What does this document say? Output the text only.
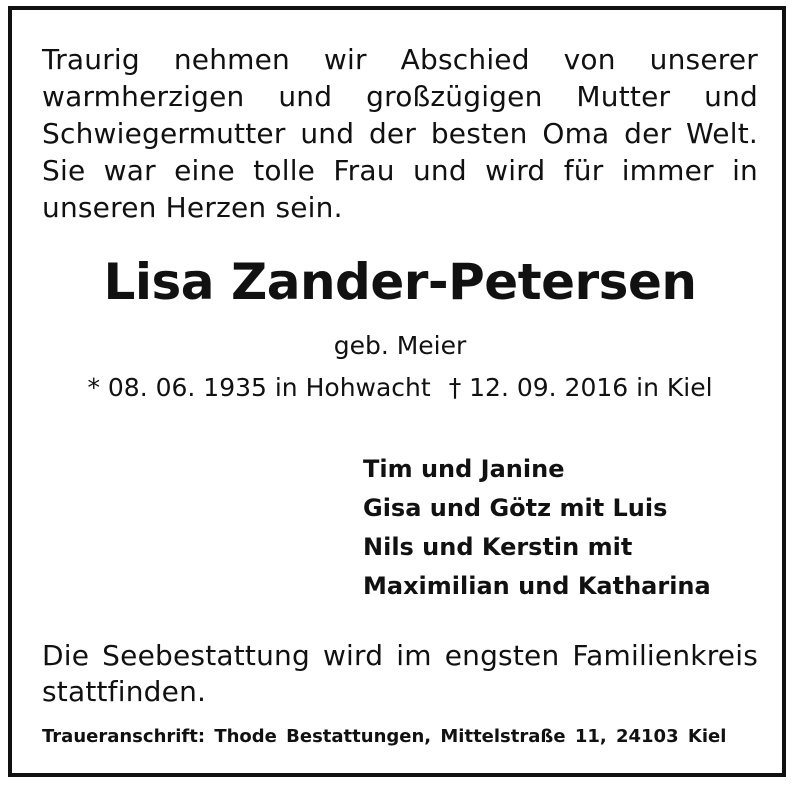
Traurig nehmen wir Abschied von unserer warmherzigen und großzügigen Mutter und Schwiegermutter und der besten Oma der Welt. Sie war eine tolle Frau und wird für immer in unseren Herzen sein.

Lisa Zander-Petersen
geb. Meier
* 08. 06. 1935 in Hohwacht † 12. 09. 2016 in Kiel
Tim und Janine
Gisa und Götz mit Luis
Nils und Kerstin mit
Maximilian und Katharina

Die Seebestattung wird im engsten Familienkreis stattfinden.

Traueranschrift: Thode Bestattungen, Mittelstraße 11, 24103 Kiel
